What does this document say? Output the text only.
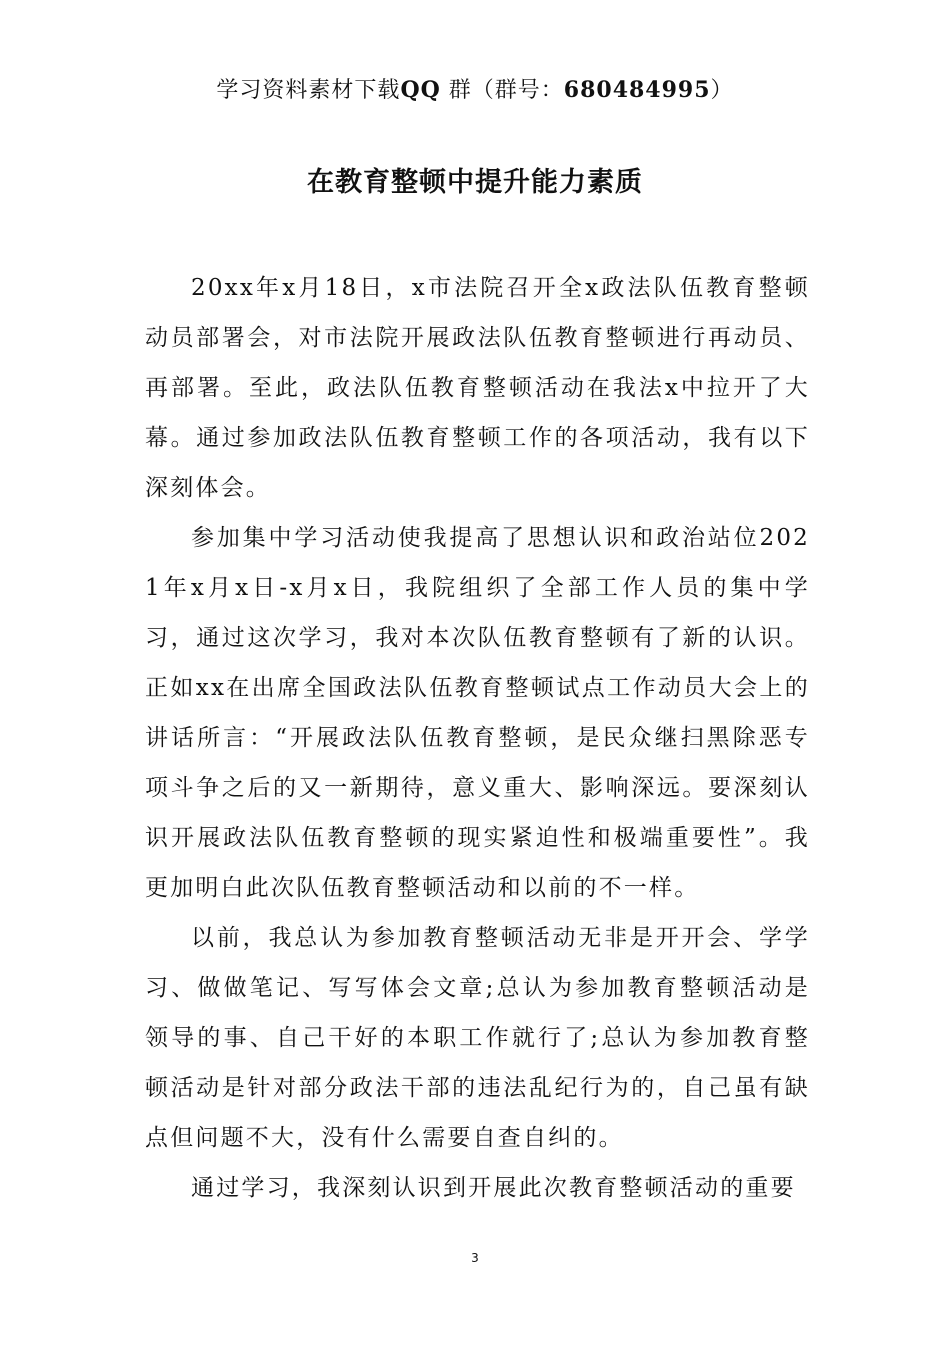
学习资料素材下载QQ 群（群号：680484995）
在教育整顿中提升能力素质

20xx年x月18日，x市法院召开全x政法队伍教育整顿动员部署会，对市法院开展政法队伍教育整顿进行再动员、再部署。至此，政法队伍教育整顿活动在我法x中拉开了大幕。通过参加政法队伍教育整顿工作的各项活动，我有以下深刻体会。

参加集中学习活动使我提高了思想认识和政治站位2021年x月x日-x月x日，我院组织了全部工作人员的集中学习，通过这次学习，我对本次队伍教育整顿有了新的认识。正如xx在出席全国政法队伍教育整顿试点工作动员大会上的讲话所言：“开展政法队伍教育整顿，是民众继扫黑除恶专项斗争之后的又一新期待，意义重大、影响深远。要深刻认识开展政法队伍教育整顿的现实紧迫性和极端重要性”。我更加明白此次队伍教育整顿活动和以前的不一样。

以前，我总认为参加教育整顿活动无非是开开会、学学习、做做笔记、写写体会文章;总认为参加教育整顿活动是领导的事、自己干好的本职工作就行了;总认为参加教育整顿活动是针对部分政法干部的违法乱纪行为的，自己虽有缺点但问题不大，没有什么需要自查自纠的。

通过学习，我深刻认识到开展此次教育整顿活动的重要

3
